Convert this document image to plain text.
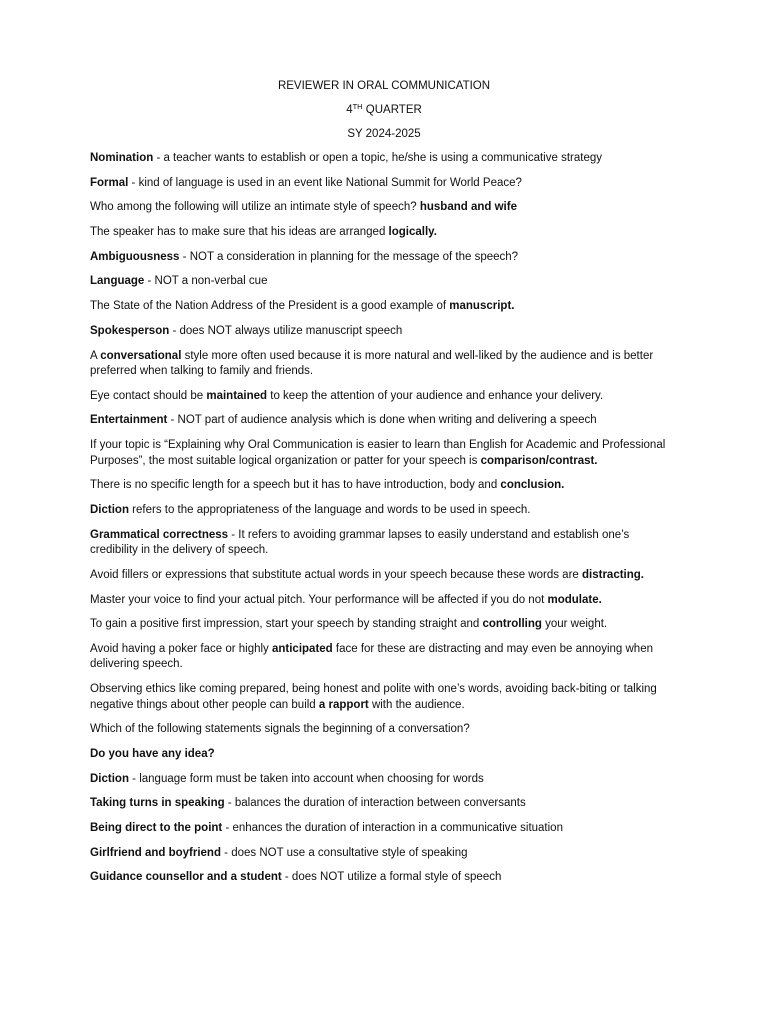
REVIEWER IN ORAL COMMUNICATION
4TH QUARTER
SY 2024-2025

Nomination - a teacher wants to establish or open a topic, he/she is using a communicative strategy

Formal - kind of language is used in an event like National Summit for World Peace?

Who among the following will utilize an intimate style of speech? husband and wife

The speaker has to make sure that his ideas are arranged logically.

Ambiguousness - NOT a consideration in planning for the message of the speech?

Language - NOT a non-verbal cue

The State of the Nation Address of the President is a good example of manuscript.

Spokesperson - does NOT always utilize manuscript speech

A conversational style more often used because it is more natural and well-liked by the audience and is better preferred when talking to family and friends.

Eye contact should be maintained to keep the attention of your audience and enhance your delivery.

Entertainment - NOT part of audience analysis which is done when writing and delivering a speech

If your topic is “Explaining why Oral Communication is easier to learn than English for Academic and Professional Purposes”, the most suitable logical organization or patter for your speech is comparison/contrast.

There is no specific length for a speech but it has to have introduction, body and conclusion.

Diction refers to the appropriateness of the language and words to be used in speech.

Grammatical correctness - It refers to avoiding grammar lapses to easily understand and establish one’s credibility in the delivery of speech.

Avoid fillers or expressions that substitute actual words in your speech because these words are distracting.

Master your voice to find your actual pitch. Your performance will be affected if you do not modulate.

To gain a positive first impression, start your speech by standing straight and controlling your weight.

Avoid having a poker face or highly anticipated face for these are distracting and may even be annoying when delivering speech.

Observing ethics like coming prepared, being honest and polite with one’s words, avoiding back-biting or talking negative things about other people can build a rapport with the audience.

Which of the following statements signals the beginning of a conversation?

Do you have any idea?

Diction - language form must be taken into account when choosing for words

Taking turns in speaking - balances the duration of interaction between conversants

Being direct to the point - enhances the duration of interaction in a communicative situation

Girlfriend and boyfriend - does NOT use a consultative style of speaking

Guidance counsellor and a student - does NOT utilize a formal style of speech
